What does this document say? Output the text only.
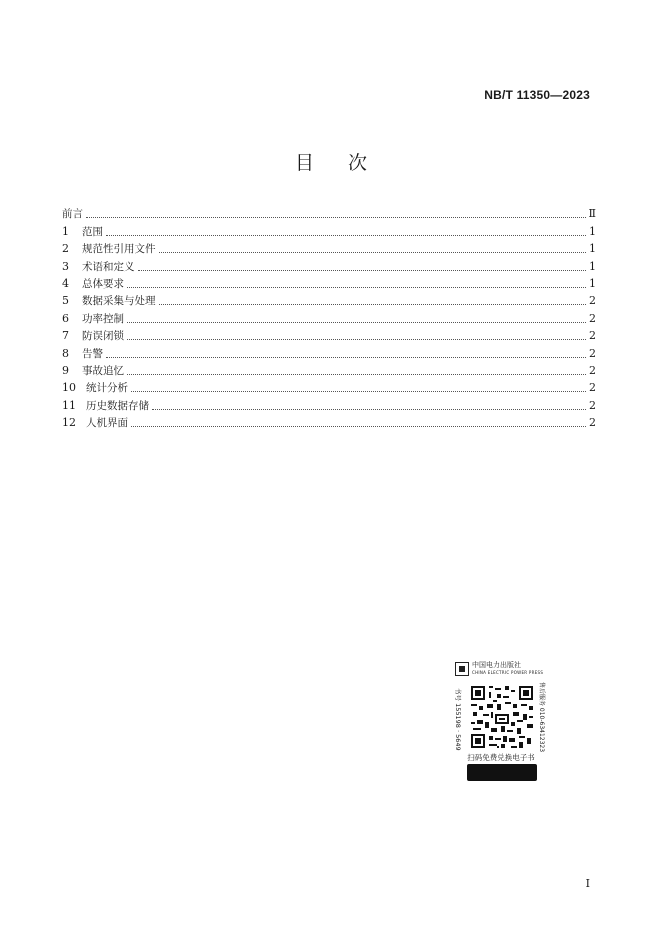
NB/T 11350—2023
目 次
前言	Ⅱ
1	范围	1
2	规范性引用文件	1
3	术语和定义	1
4	总体要求	1
5	数据采集与处理	2
6	功率控制	2
7	防误闭锁	2
8	告警	2
9	事故追忆	2
10 统计分析	2
11 历史数据存储	2
12 人机界面	2
中国电力出版社
CHINA ELECTRIC POWER PRESS
书号 155198 · 5649	售后服务 010-63412323
扫码免费兑换电子书
I
